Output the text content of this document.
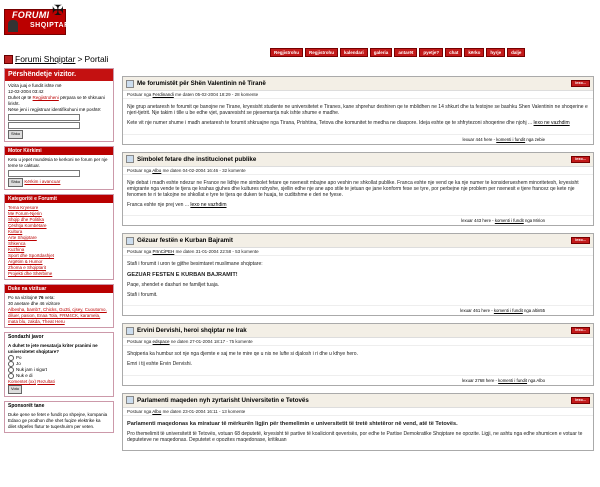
✠
FORUMI
SHQIPTAR
Regjistrohu	Regjistrohu	kalendari	galeria	antarët	pyetje?	chat	kërko	hyrje	dalje
Forumi Shqiptar > Portali
Përshëndetje vizitor.
Vizita juaj e fundit ishte më
12-02-2004 03:42
Duhet që të Regjistroheni përpara se të shkruani lirisht.
Nëse jeni i regjistruar identifikohuni më poshtë:
Shko
Motor Kërkimi
Ketu u jepet mundësia te kerkoni ne forum per nje teme te caktuar.
Shko Kërkim i avancuar
Kategoritë e Forumit
Tema Kryesore
Me Forum-Njerin
Shqip dhe Politika
Çështja Kombëtare
Kultura
Arte Shqiptare
Shkenca
Kuzhina
Sport dhe Sportdashjet
Argëtim & Humor
Zhoma e Shqiptarit
Projekti dhe Shërbime
Duke na vizituar
Po na vizitojnë 76 veta:
30 anetare dhe 46 vizitore
Albesha, bamb7, Chicks, Gu3ti, cjsey, Cuoutomo, diluer, pasion, Enaa Tola, FRM4CK, karamela, mata blu, zakda, Theat Heru
Sondazhi javor
A duhet te jete mesatarja kriter pranimi ne universitetet shqiptare?
Po
Jo
Nuk jam i sigurt
Nuk e di
Komentet (xx) Rezultati
Voto
Sponsorët tane
Duke qene se fetet e fundit po shpejne, kompania Edaxo ge prodhon dhe shet fuqize elektrike ka dilet shpefes flutur te tuqeshuirm per veten.
Me forumistët për Shën Valentinin në Tiranë	lexo...
Postuar nga Ferdinandi me daten 05-02-2004 18:29 - 28 komente

Nje grup anetaresh te forumit qe banojne ne Tirane, kryesisht studente ne universitetet e Tiranes, kane shprehur deshiren qe te mblidhen ne 14 shkurt dhe ta festojne se bashku Shen Valentinin ne shoqerine e njeri-tjetrit. Nje takim i tille u be edhe vjet, pavaresisht se pjesemarrja nuk ishte shume e madhe.

Kete vit nje numer shume i madh anetaresh te forumit shkruajne nga Tirana, Prishtina, Tetova dhe komunitet te medha ne diaspore. Ideja eshte qe te shfrytezoni shoqerine dhe njohj ... lexo ne vazhdim

lexuar 444 here - komenti i fundit nga zebie
Simbolet fetare dhe institucionet publike	lexo...
Postuar nga Albo me daten 04-02-2004 16:46 - 32 komente

Nje debat i madh eshte ndezur ne France ne lidhje me simbolet fetare qe nxenesit mbajne apo veshin ne shkollat publike. Franca eshte nje vend qe ka nje numer te konsiderueshem minoritetesh, kryesisht emigrante nga vende te tjera qe krahas gjuhes dhe kultures ndryshe, sjellin edhe nje ane apo stile te jetuan qe jane konform fese se tyre, por perbejne nje problem per nxenesit e tjere francez qe kete nje fenomen te ri te takojne ne shkollat e tyre te tjera qe duken te huaja, te cuditshme e deri ne fyese.

Franca eshte nje prej ven ... lexo ne vazhdim

lexuar 443 here - komenti i fundit nga Mirion
Gëzuar festën e Kurban Bajramit	lexo...
Postuar nga PrInCiPEH me daten 31-01-2004 22:58 - 53 komente

Stafi i forumit i uron te gjithe besimtaret muslimane shqiptare:

GEZUAR FESTEN E KURBAN BAJRAMIT!

Paqe, shendet e dashuri ne familjet tuaja.

Stafi i forumit.

lexuar 461 here - komenti i fundit nga altin55
Ervini Dervishi, heroi shqiptar ne Irak	lexo...
Postuar nga edspace ne daten 27-01-2004 18:17 - 75 komente

Shqiperia ka humbur sot nje nga djemte e saj me te mire qe u nis ne lufte si djalosh i ri dhe u kthye hero.

Emri i tij eshte Ervin Dervishi.

lexuar 2768 here - komenti i fundit nga Albo
Parlamenti maqeden nyh zyrtarisht Universitetin e Tetovës	lexo...
Postuar nga Albo me daten 23-01-2004 16:11 - 13 komente

Parlamenti maqedonas ka miratuar të mërkurën ligjin për themelimin e universitetit të tretë shtetëror në vend, atë të Tetovës.

Pro themelimit të universitetit të Tetovës, votuan 68 deputetë, kryesisht të partive të koalicionit qeverisës, por edhe te Partise Demokratike Shqiptare ne opozite. Ligji, ne ashtu nga edhe shumicen e votuar te deputeteve ne maqedonas. Deputetet e opozites maqedonase, kritikuan
